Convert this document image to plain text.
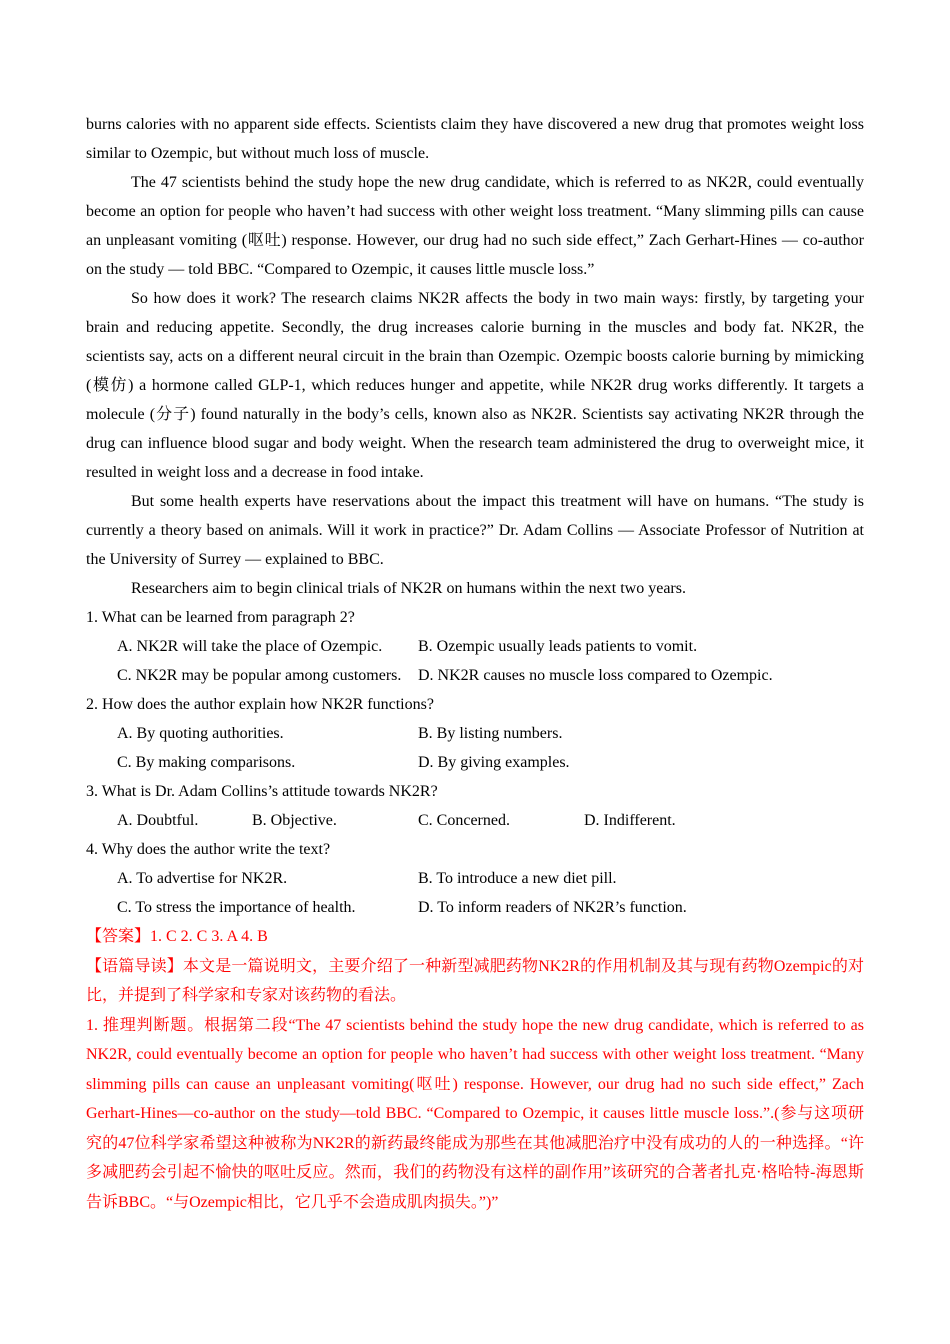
burns calories with no apparent side effects. Scientists claim they have discovered a new drug that promotes weight loss similar to Ozempic, but without much loss of muscle.

The 47 scientists behind the study hope the new drug candidate, which is referred to as NK2R, could eventually become an option for people who haven’t had success with other weight loss treatment. “Many slimming pills can cause an unpleasant vomiting (呕吐) response. However, our drug had no such side effect,” Zach Gerhart-Hines — co-author on the study — told BBC. “Compared to Ozempic, it causes little muscle loss.”

So how does it work? The research claims NK2R affects the body in two main ways: firstly, by targeting your brain and reducing appetite. Secondly, the drug increases calorie burning in the muscles and body fat. NK2R, the scientists say, acts on a different neural circuit in the brain than Ozempic. Ozempic boosts calorie burning by mimicking (模仿) a hormone called GLP-1, which reduces hunger and appetite, while NK2R drug works differently. It targets a molecule (分子) found naturally in the body’s cells, known also as NK2R. Scientists say activating NK2R through the drug can influence blood sugar and body weight. When the research team administered the drug to overweight mice, it resulted in weight loss and a decrease in food intake.

But some health experts have reservations about the impact this treatment will have on humans. “The study is currently a theory based on animals. Will it work in practice?” Dr. Adam Collins — Associate Professor of Nutrition at the University of Surrey — explained to BBC.

Researchers aim to begin clinical trials of NK2R on humans within the next two years.

1. What can be learned from paragraph 2?
A. NK2R will take the place of Ozempic.	B. Ozempic usually leads patients to vomit.
C. NK2R may be popular among customers.	D. NK2R causes no muscle loss compared to Ozempic.
2. How does the author explain how NK2R functions?
A. By quoting authorities.	B. By listing numbers.
C. By making comparisons.	D. By giving examples.
3. What is Dr. Adam Collins’s attitude towards NK2R?
A. Doubtful.	B. Objective.	C. Concerned.	D. Indifferent.
4. Why does the author write the text?
A. To advertise for NK2R.	B. To introduce a new diet pill.
C. To stress the importance of health.	D. To inform readers of NK2R’s function.

【答案】1. C 2. C 3. A 4. B

【语篇导读】本文是一篇说明文，主要介绍了一种新型减肥药物NK2R的作用机制及其与现有药物Ozempic的对比，并提到了科学家和专家对该药物的看法。

1. 推理判断题。根据第二段“The 47 scientists behind the study hope the new drug candidate, which is referred to as NK2R, could eventually become an option for people who haven’t had success with other weight loss treatment. “Many slimming pills can cause an unpleasant vomiting(呕吐) response. However, our drug had no such side effect,” Zach Gerhart-Hines—co-author on the study—told BBC. “Compared to Ozempic, it causes little muscle loss.”.(参与这项研究的47位科学家希望这种被称为NK2R的新药最终能成为那些在其他减肥治疗中没有成功的人的一种选择。“许多减肥药会引起不愉快的呕吐反应。然而，我们的药物没有这样的副作用”该研究的合著者扎克·格哈特-海恩斯告诉BBC。“与Ozempic相比，它几乎不会造成肌肉损失。”)”
